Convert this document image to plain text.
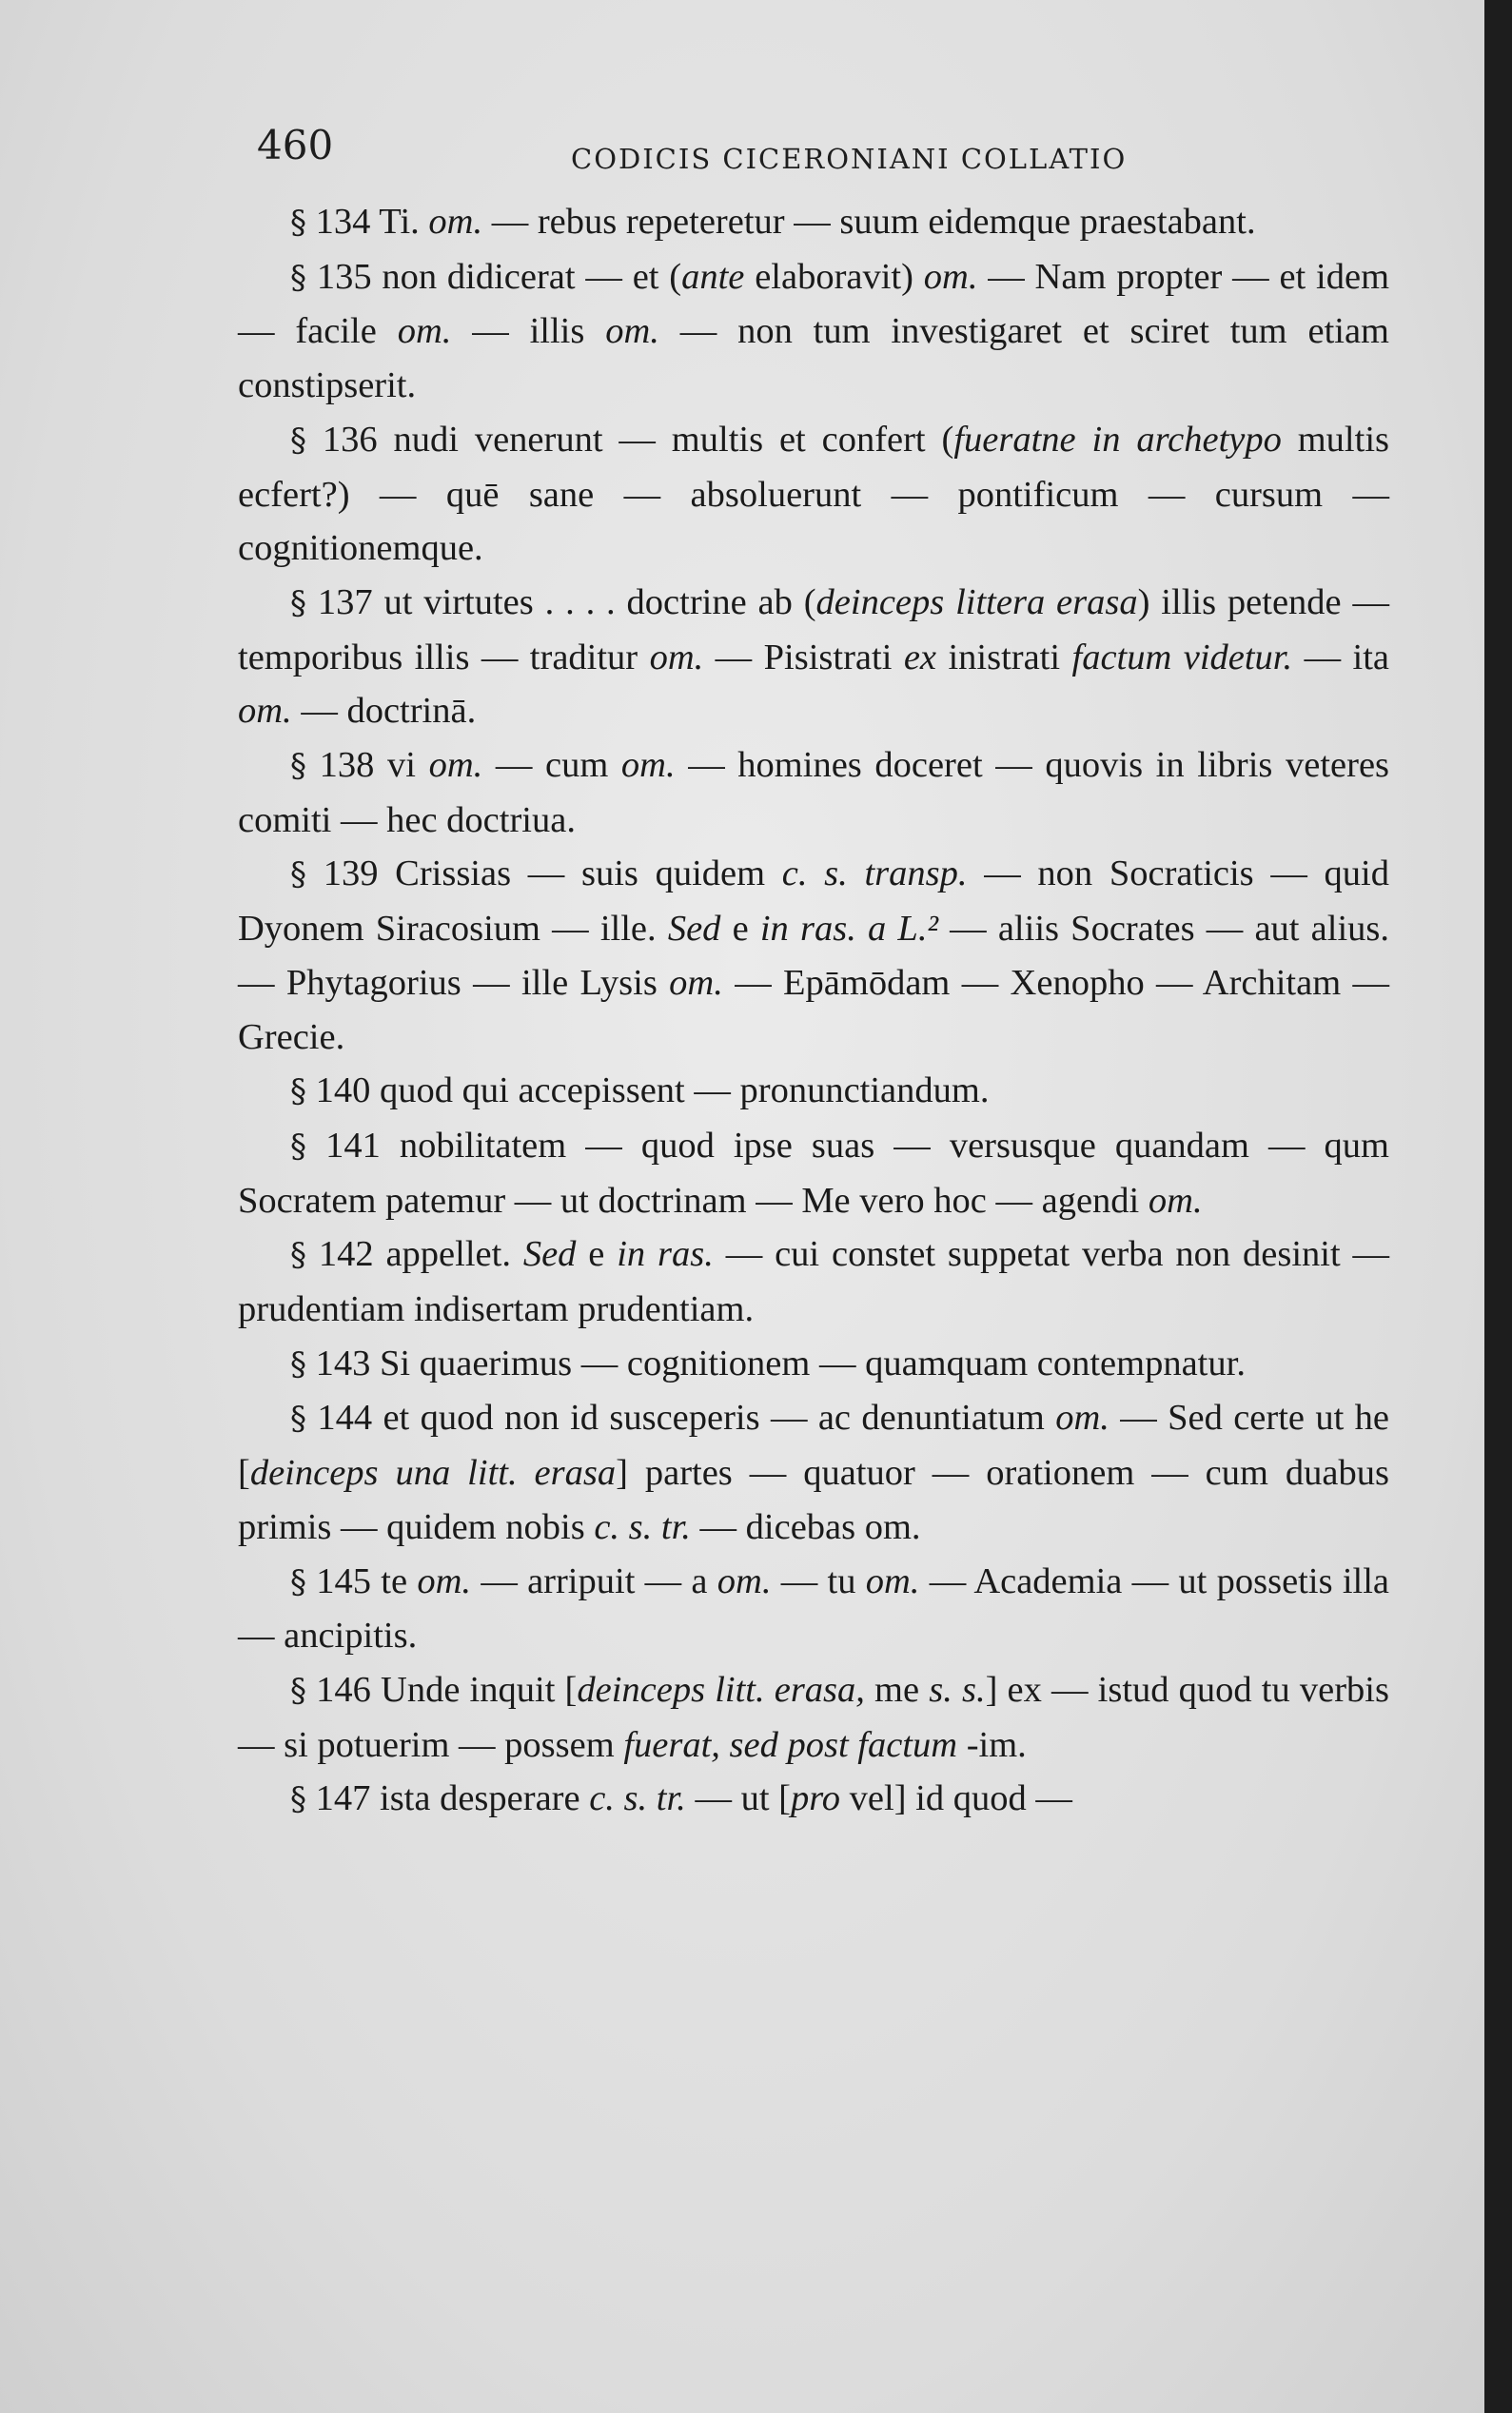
460	CODICIS CICERONIANI COLLATIO

§ 134 Ti. om. — rebus repeteretur — suum eidemque praestabant.

§ 135 non didicerat — et (ante elaboravit) om. — Nam propter — et idem — facile om. — illis om. — non tum investigaret et sciret tum etiam constipserit.

§ 136 nudi venerunt — multis et confert (fueratne in archetypo multis ecfert?) — quē sane — absoluerunt — pontificum — cursum — cognitionemque.

§ 137 ut virtutes . . . . doctrine ab (deinceps littera erasa) illis petende — temporibus illis — traditur om. — Pisistrati ex inistrati factum videtur. — ita om. — doctrinā.

§ 138 vi om. — cum om. — homines doceret — quovis in libris veteres comiti — hec doctriua.

§ 139 Crissias — suis quidem c. s. transp. — non Socraticis — quid Dyonem Siracosium — ille. Sed e in ras. a L.² — aliis Socrates — aut alius. — Phytagorius — ille Lysis om. — Epāmōdam — Xenopho — Architam — Grecie.

§ 140 quod qui accepissent — pronunctiandum.

§ 141 nobilitatem — quod ipse suas — versusque quandam — qum Socratem patemur — ut doctrinam — Me vero hoc — agendi om.

§ 142 appellet. Sed e in ras. — cui constet suppetat verba non desinit — prudentiam indisertam prudentiam.

§ 143 Si quaerimus — cognitionem — quamquam contempnatur.

§ 144 et quod non id susceperis — ac denuntiatum om. — Sed certe ut he [deinceps una litt. erasa] partes — quatuor — orationem — cum duabus primis — quidem nobis c. s. tr. — dicebas om.

§ 145 te om. — arripuit — a om. — tu om. — Academia — ut possetis illa — ancipitis.

§ 146 Unde inquit [deinceps litt. erasa, me s. s.] ex — istud quod tu verbis — si potuerim — possem fuerat, sed post factum -im.

§ 147 ista desperare c. s. tr. — ut [pro vel] id quod —
